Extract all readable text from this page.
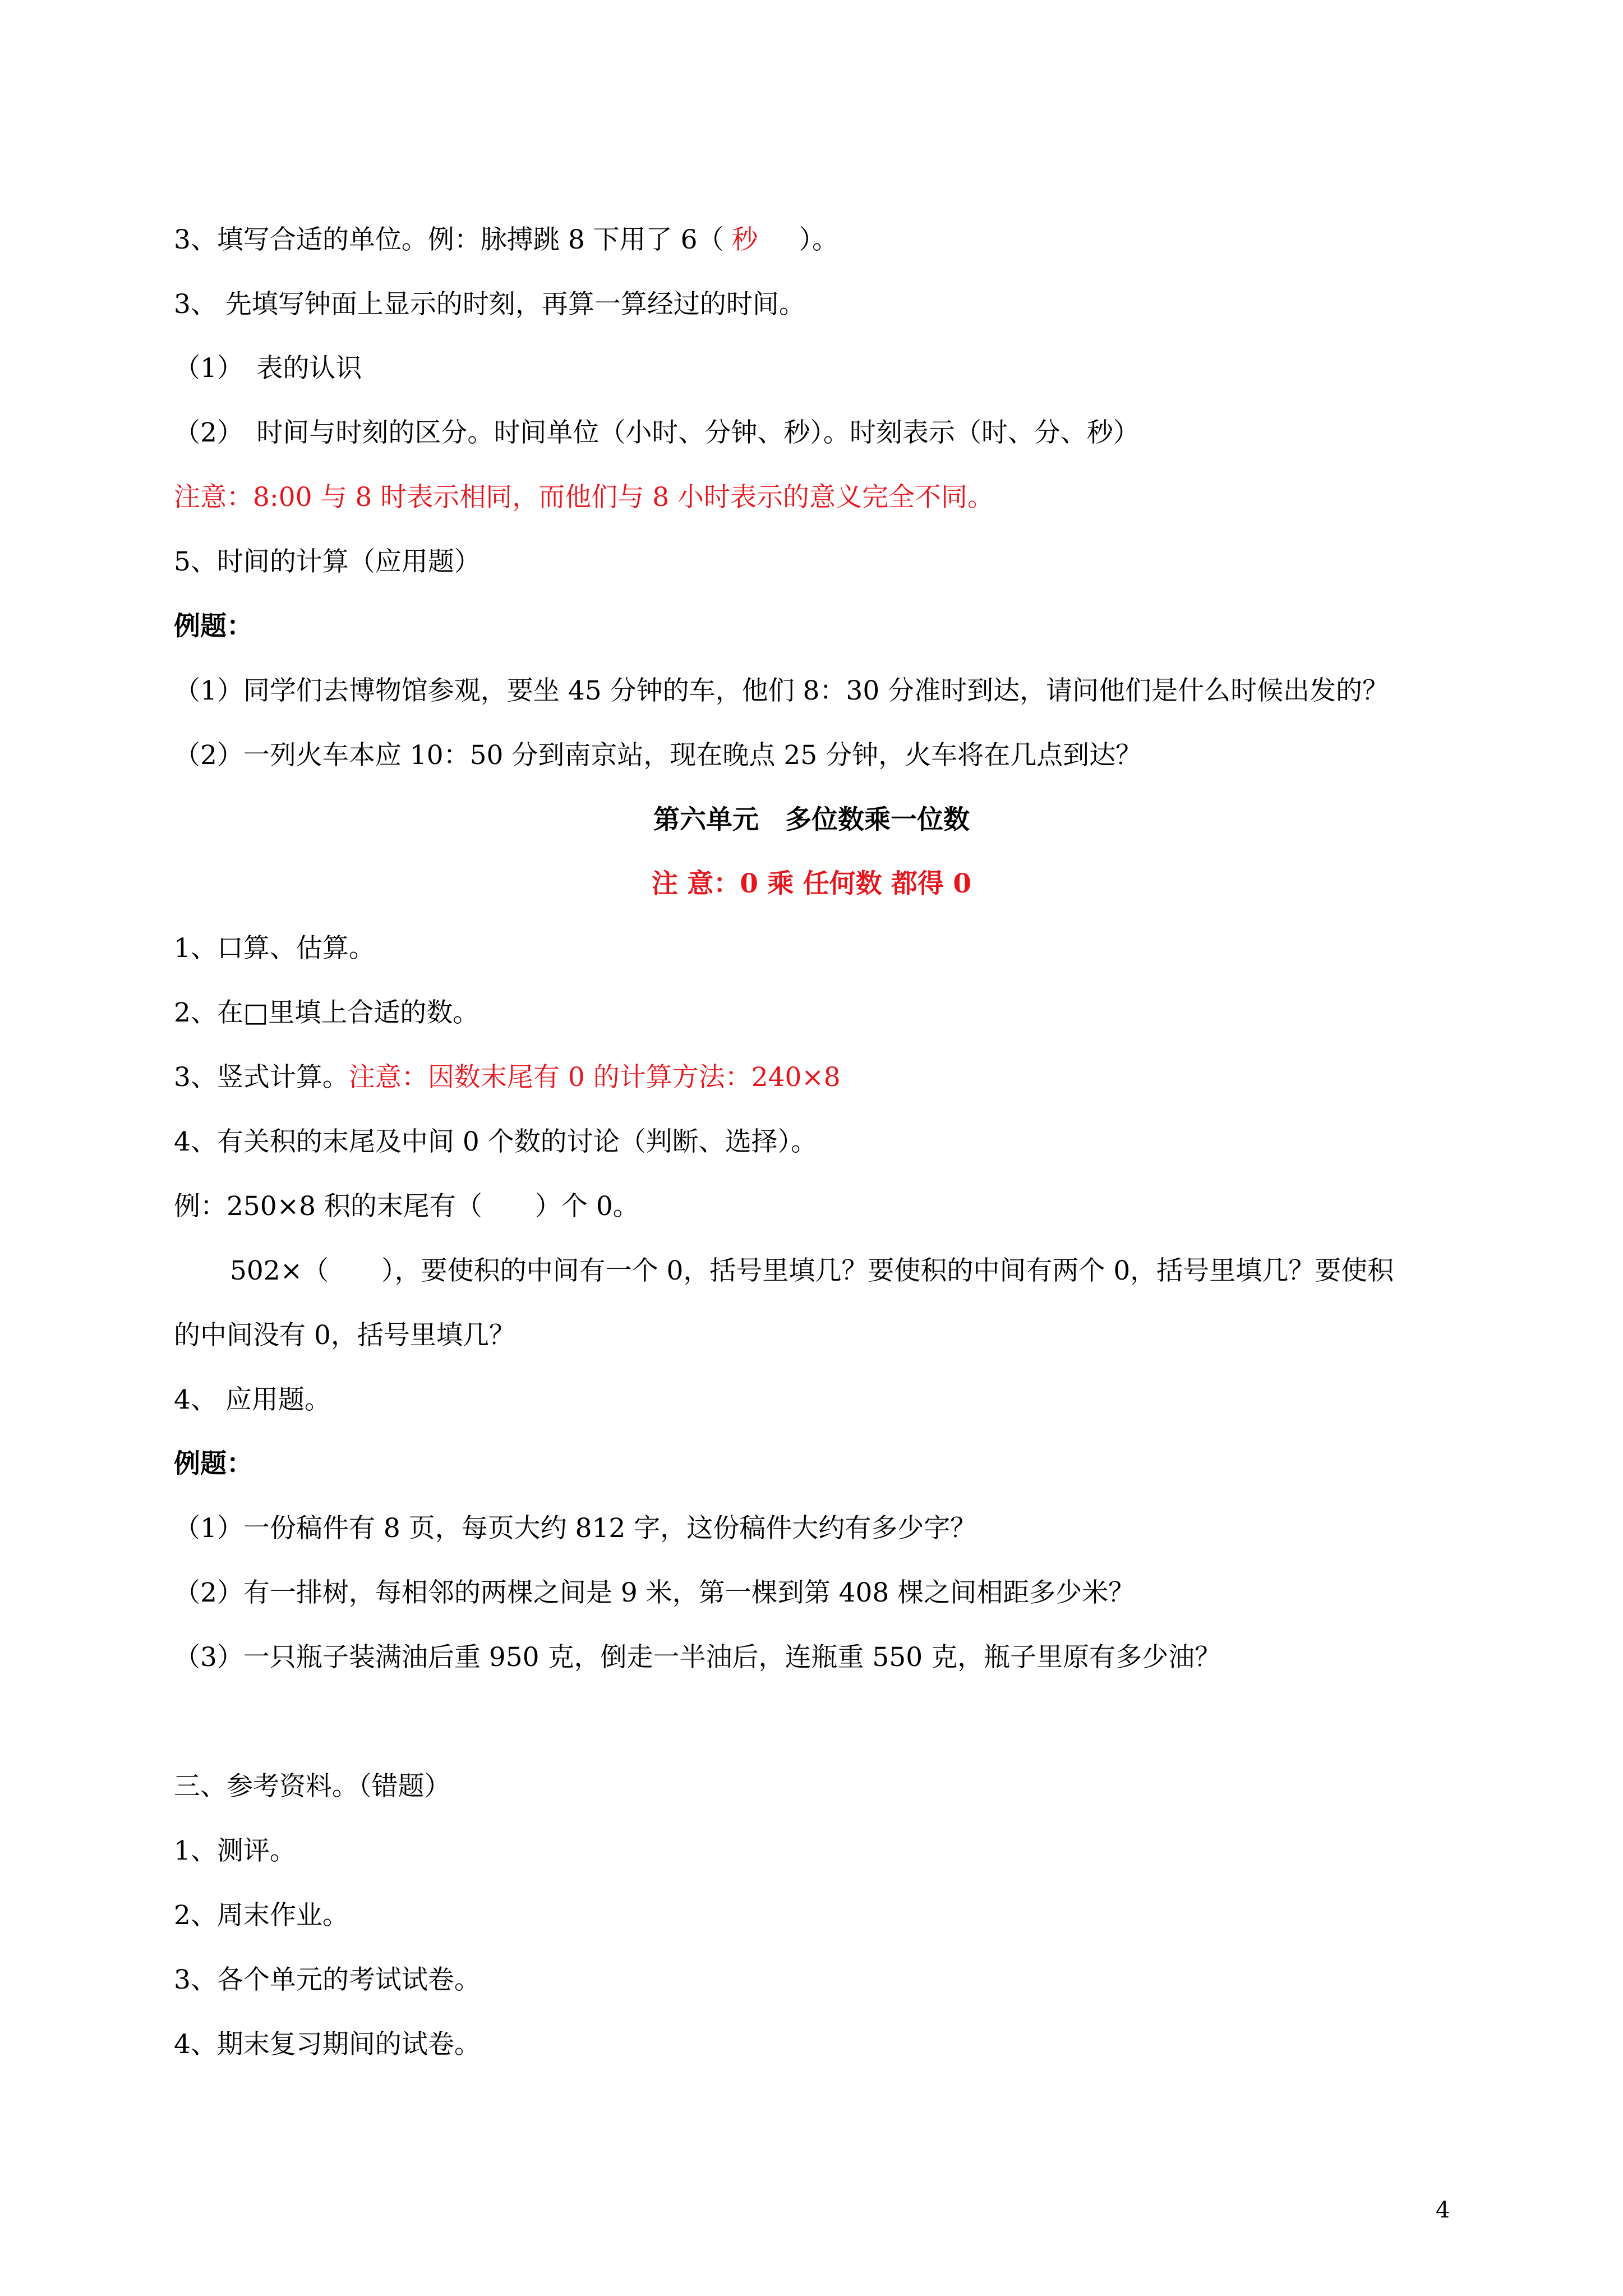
3、填写合适的单位。例：脉搏跳 8 下用了 6（ 秒 ）。

3、 先填写钟面上显示的时刻，再算一算经过的时间。

（1）　表的认识

（2）　时间与时刻的区分。时间单位（小时、分钟、秒）。时刻表示（时、分、秒）

注意：8:00 与 8 时表示相同，而他们与 8 小时表示的意义完全不同。

5、时间的计算（应用题）

例题：

（1）同学们去博物馆参观，要坐 45 分钟的车，他们 8：30 分准时到达，请问他们是什么时候出发的？

（2）一列火车本应 10：50 分到南京站，现在晚点 25 分钟，火车将在几点到达？

第六单元　多位数乘一位数

注 意：0 乘 任何数 都得 0

1、口算、估算。

2、在□里填上合适的数。

3、竖式计算。注意：因数末尾有 0 的计算方法：240×8

4、有关积的末尾及中间 0 个数的讨论（判断、选择）。

例：250×8 积的末尾有（　　）个 0。

502×（　　），要使积的中间有一个 0，括号里填几？要使积的中间有两个 0，括号里填几？要使积

的中间没有 0，括号里填几？

4、 应用题。

例题：

（1）一份稿件有 8 页，每页大约 812 字，这份稿件大约有多少字？

（2）有一排树，每相邻的两棵之间是 9 米，第一棵到第 408 棵之间相距多少米？

（3）一只瓶子装满油后重 950 克，倒走一半油后，连瓶重 550 克，瓶子里原有多少油？

三、参考资料。（错题）

1、测评。

2、周末作业。

3、各个单元的考试试卷。

4、期末复习期间的试卷。

4
